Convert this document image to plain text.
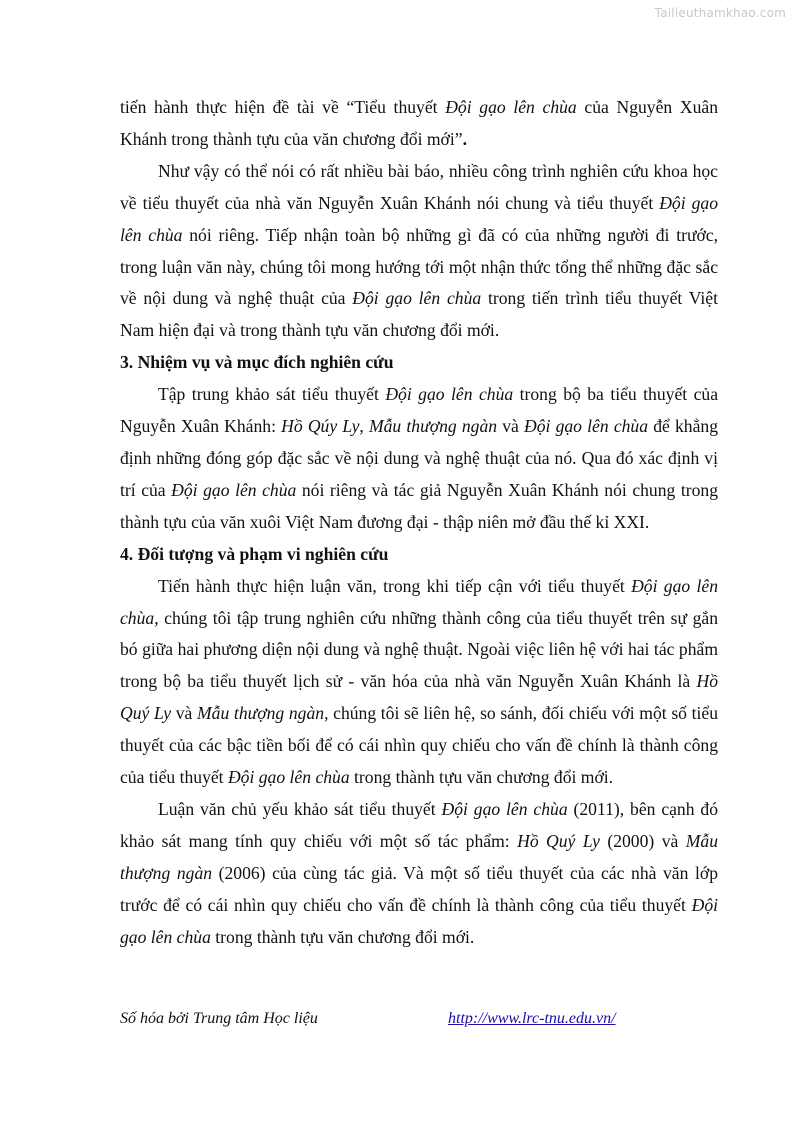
Tailieuthamkhao.com

tiến hành thực hiện đề tài về “Tiểu thuyết Đội gạo lên chùa của Nguyễn Xuân Khánh trong thành tựu của văn chương đổi mới”.

Như vậy có thể nói có rất nhiều bài báo, nhiều công trình nghiên cứu khoa học về tiểu thuyết của nhà văn Nguyễn Xuân Khánh nói chung và tiểu thuyết Đội gạo lên chùa nói riêng. Tiếp nhận toàn bộ những gì đã có của những người đi trước, trong luận văn này, chúng tôi mong hướng tới một nhận thức tổng thể những đặc sắc về nội dung và nghệ thuật của Đội gạo lên chùa trong tiến trình tiểu thuyết Việt Nam hiện đại và trong thành tựu văn chương đổi mới.

3. Nhiệm vụ và mục đích nghiên cứu

Tập trung khảo sát tiểu thuyết Đội gạo lên chùa trong bộ ba tiểu thuyết của Nguyễn Xuân Khánh: Hồ Qúy Ly, Mẫu thượng ngàn và Đội gạo lên chùa để khẳng định những đóng góp đặc sắc về nội dung và nghệ thuật của nó. Qua đó xác định vị trí của Đội gạo lên chùa nói riêng và tác giả Nguyễn Xuân Khánh nói chung trong thành tựu của văn xuôi Việt Nam đương đại - thập niên mở đầu thế kỉ XXI.

4. Đối tượng và phạm vi nghiên cứu

Tiến hành thực hiện luận văn, trong khi tiếp cận với tiểu thuyết Đội gạo lên chùa, chúng tôi tập trung nghiên cứu những thành công của tiểu thuyết trên sự gắn bó giữa hai phương diện nội dung và nghệ thuật. Ngoài việc liên hệ với hai tác phẩm trong bộ ba tiểu thuyết lịch sử - văn hóa của nhà văn Nguyễn Xuân Khánh là Hồ Quý Ly và Mẫu thượng ngàn, chúng tôi sẽ liên hệ, so sánh, đối chiếu với một số tiểu thuyết của các bậc tiền bối để có cái nhìn quy chiếu cho vấn đề chính là thành công của tiểu thuyết Đội gạo lên chùa trong thành tựu văn chương đổi mới.

Luận văn chủ yếu khảo sát tiểu thuyết Đội gạo lên chùa (2011), bên cạnh đó khảo sát mang tính quy chiếu với một số tác phẩm: Hồ Quý Ly (2000) và Mẫu thượng ngàn (2006) của cùng tác giả. Và một số tiểu thuyết của các nhà văn lớp trước để có cái nhìn quy chiếu cho vấn đề chính là thành công của tiểu thuyết Đội gạo lên chùa trong thành tựu văn chương đổi mới.

Số hóa bởi Trung tâm Học liệu	http://www.lrc-tnu.edu.vn/
